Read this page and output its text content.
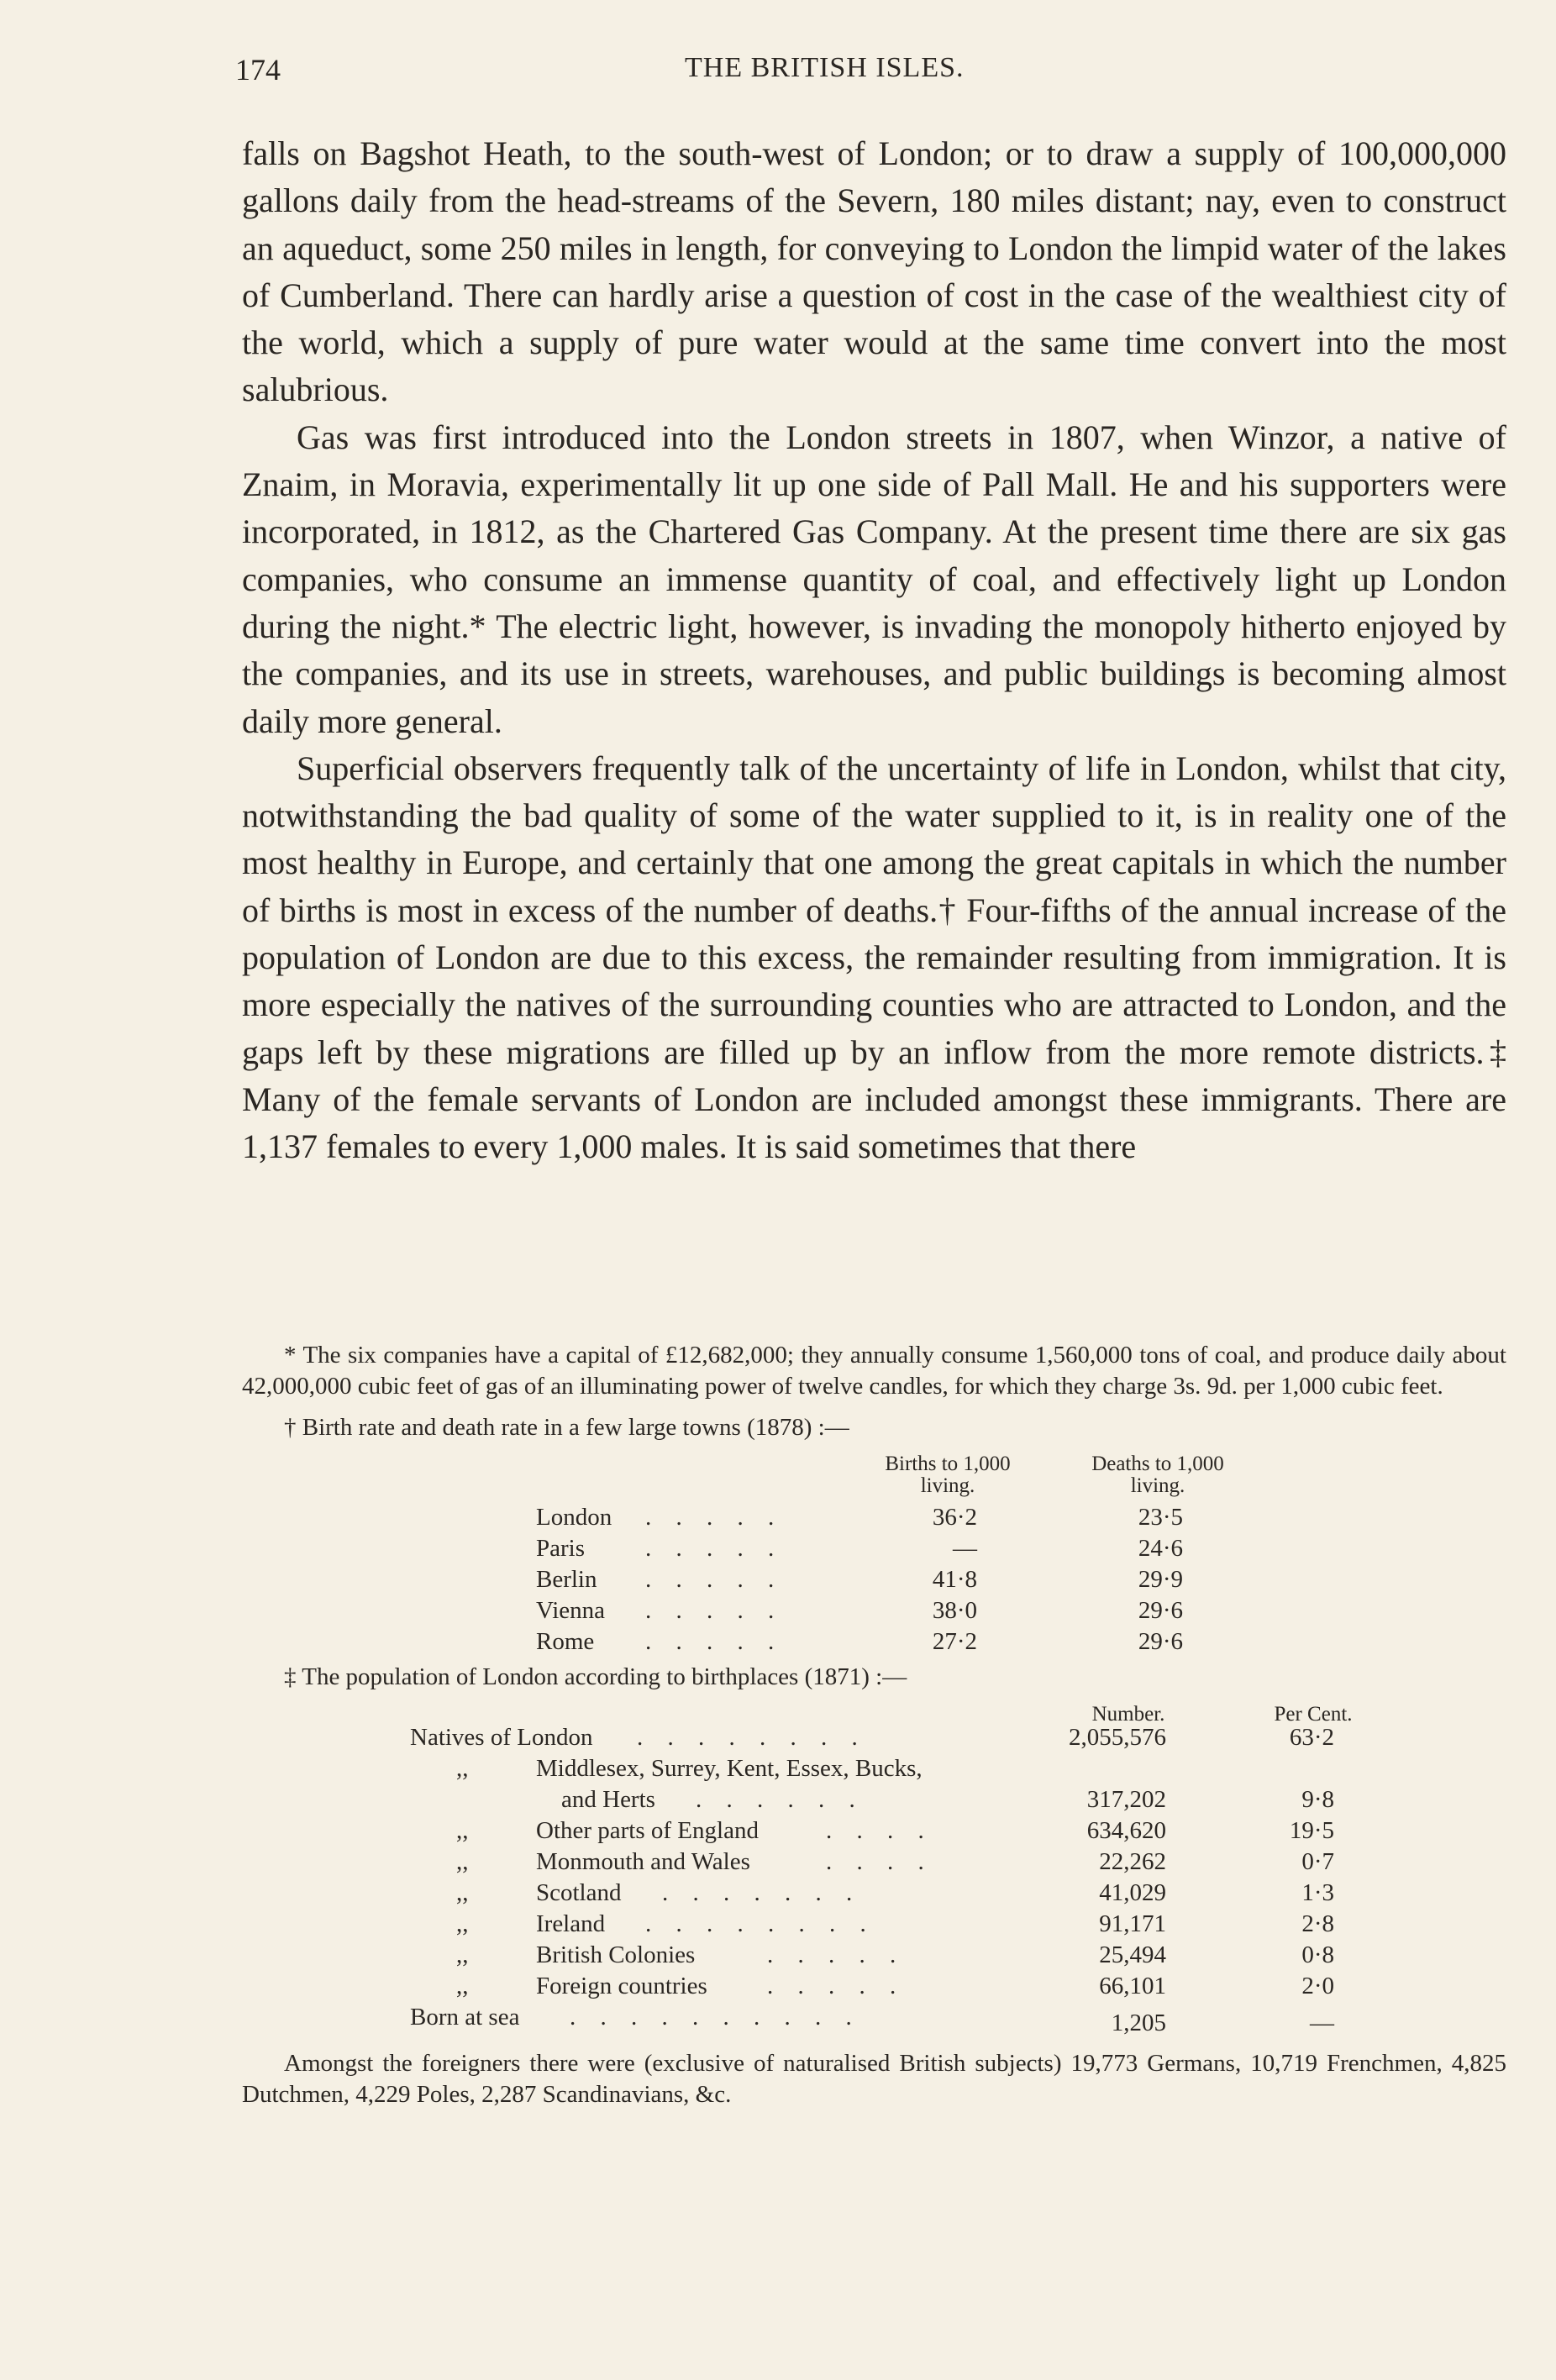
174	THE BRITISH ISLES.

falls on Bagshot Heath, to the south-west of London; or to draw a supply of 100,000,000 gallons daily from the head-streams of the Severn, 180 miles distant; nay, even to construct an aqueduct, some 250 miles in length, for conveying to London the limpid water of the lakes of Cumberland. There can hardly arise a question of cost in the case of the wealthiest city of the world, which a supply of pure water would at the same time convert into the most salubrious.

Gas was first introduced into the London streets in 1807, when Winzor, a native of Znaim, in Moravia, experimentally lit up one side of Pall Mall. He and his supporters were incorporated, in 1812, as the Chartered Gas Company. At the present time there are six gas companies, who consume an immense quantity of coal, and effectively light up London during the night.* The electric light, however, is invading the monopoly hitherto enjoyed by the companies, and its use in streets, warehouses, and public buildings is becoming almost daily more general.

Superficial observers frequently talk of the uncertainty of life in London, whilst that city, notwithstanding the bad quality of some of the water supplied to it, is in reality one of the most healthy in Europe, and certainly that one among the great capitals in which the number of births is most in excess of the number of deaths.† Four-fifths of the annual increase of the population of London are due to this excess, the remainder resulting from immigration. It is more especially the natives of the surrounding counties who are attracted to London, and the gaps left by these migrations are filled up by an inflow from the more remote districts.‡ Many of the female servants of London are included amongst these immigrants. There are 1,137 females to every 1,000 males. It is said sometimes that there

* The six companies have a capital of £12,682,000; they annually consume 1,560,000 tons of coal, and produce daily about 42,000,000 cubic feet of gas of an illuminating power of twelve candles, for which they charge 3s. 9d. per 1,000 cubic feet.

† Birth rate and death rate in a few large towns (1878) :—

Births to 1,000 living.
Deaths to 1,000 living.
London . . . . .	36·2	23·5
Paris . . . . .	—	24·6
Berlin . . . . .	41·8	29·9
Vienna . . . . .	38·0	29·6
Rome . . . . .	27·2	29·6
‡ The population of London according to birthplaces (1871) :—
Number.	Per Cent.
Natives of London . . . . . . . .	2,055,576	63·2
,,	Middlesex, Surrey, Kent, Essex, Bucks,
and Herts . . . . . .	317,202	9·8
,,	Other parts of England	. . . .	634,620	19·5
,,	Monmouth and Wales	. . . .	22,262	0·7
,,	Scotland . . . . . . .	41,029	1·3
,,	Ireland . . . . . . . .	91,171	2·8
,,	British Colonies	. . . . .	25,494	0·8
,,	Foreign countries . . . . .	66,101	2·0
Born at sea . . . . . . . . . .	1,205	—

Amongst the foreigners there were (exclusive of naturalised British subjects) 19,773 Germans, 10,719 Frenchmen, 4,825 Dutchmen, 4,229 Poles, 2,287 Scandinavians, &c.
